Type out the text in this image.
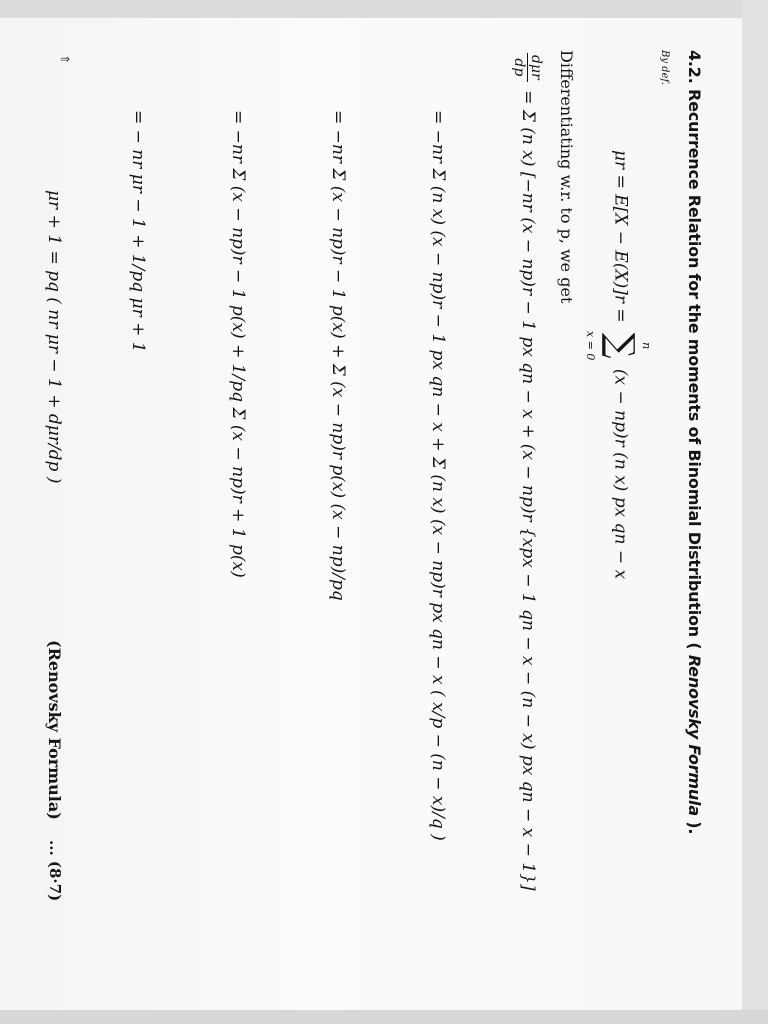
⇒	4.2. Recurrence Relation for the moments of Binomial Distribution ( Renovsky Formula ).
By def.
μr = E[X − E(X)]r = n
∑
x = 0 (x − np)r (n x) px qn − x
Differentiating w.r. to p, we get
dμr
dp
= Σ (n x) [−nr (x − np)r − 1 px qn − x + (x − np)r {xpx − 1 qn − x − (n − x) px qn − x − 1}]
= −nr Σ (n x) (x − np)r − 1 px qn − x + Σ (n x) (x − np)r px qn − x ( x/p − (n − x)/q )
= −nr Σ (x − np)r − 1 p(x) + Σ (x − np)r p(x) (x − np)/pq
= −nr Σ (x − np)r − 1 p(x) + 1/pq Σ (x − np)r + 1 p(x)
= − nr μr − 1 + 1/pq μr + 1
μr + 1 = pq ( nr μr − 1 + dμr/dp )
(Renovsky Formula)
... (8·7)
